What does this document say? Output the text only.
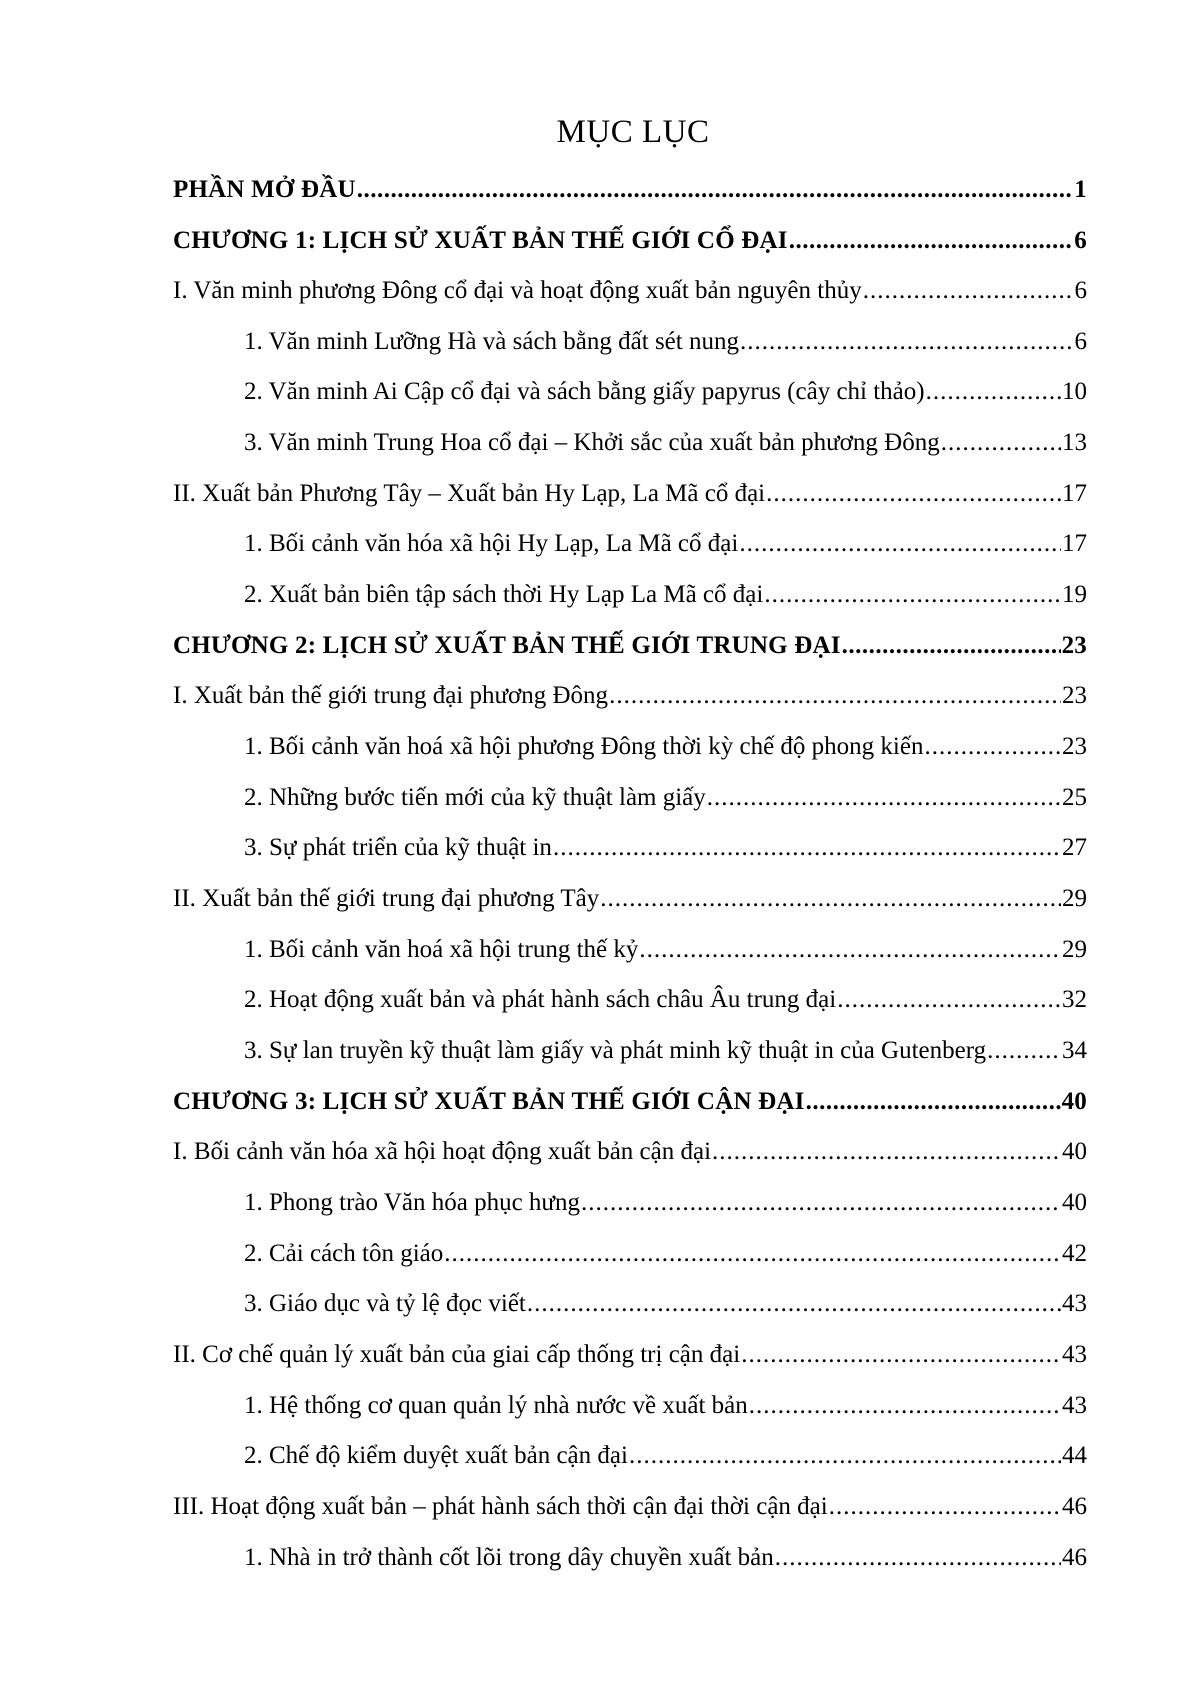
MỤC LỤC
PHẦN MỞ ĐẦU .....	1
CHƯƠNG 1: LỊCH SỬ XUẤT BẢN THẾ GIỚI CỔ ĐẠI .....	6
I. Văn minh phương Đông cổ đại và hoạt động xuất bản nguyên thủy .....	6
1. Văn minh Lưỡng Hà và sách bằng đất sét nung .....	6
2. Văn minh Ai Cập cổ đại và sách bằng giấy papyrus (cây chỉ thảo) .....	10
3. Văn minh Trung Hoa cổ đại – Khởi sắc của xuất bản phương Đông .....	13
II. Xuất bản Phương Tây – Xuất bản Hy Lạp, La Mã cổ đại .....	17
1. Bối cảnh văn hóa xã hội Hy Lạp, La Mã cổ đại .....	17
2. Xuất bản biên tập sách thời Hy Lạp La Mã cổ đại .....	19
CHƯƠNG 2: LỊCH SỬ XUẤT BẢN THẾ GIỚI TRUNG ĐẠI .....	23
I. Xuất bản thế giới trung đại phương Đông .....	23
1. Bối cảnh văn hoá xã hội phương Đông thời kỳ chế độ phong kiến .....	23
2. Những bước tiến mới của kỹ thuật làm giấy .....	25
3. Sự phát triển của kỹ thuật in .....	27
II. Xuất bản thế giới trung đại phương Tây .....	29
1. Bối cảnh văn hoá xã hội trung thế kỷ .....	29
2. Hoạt động xuất bản và phát hành sách châu Âu trung đại .....	32
3. Sự lan truyền kỹ thuật làm giấy và phát minh kỹ thuật in của Gutenberg .....	34
CHƯƠNG 3: LỊCH SỬ XUẤT BẢN THẾ GIỚI CẬN ĐẠI .....	40
I. Bối cảnh văn hóa xã hội hoạt động xuất bản cận đại .....	40
1. Phong trào Văn hóa phục hưng .....	40
2. Cải cách tôn giáo .....	42
3. Giáo dục và tỷ lệ đọc viết .....	43
II. Cơ chế quản lý xuất bản của giai cấp thống trị cận đại .....	43
1. Hệ thống cơ quan quản lý nhà nước về xuất bản .....	43
2. Chế độ kiểm duyệt xuất bản cận đại .....	44
III. Hoạt động xuất bản – phát hành sách thời cận đại thời cận đại .....	46
1. Nhà in trở thành cốt lõi trong dây chuyền xuất bản .....	46
